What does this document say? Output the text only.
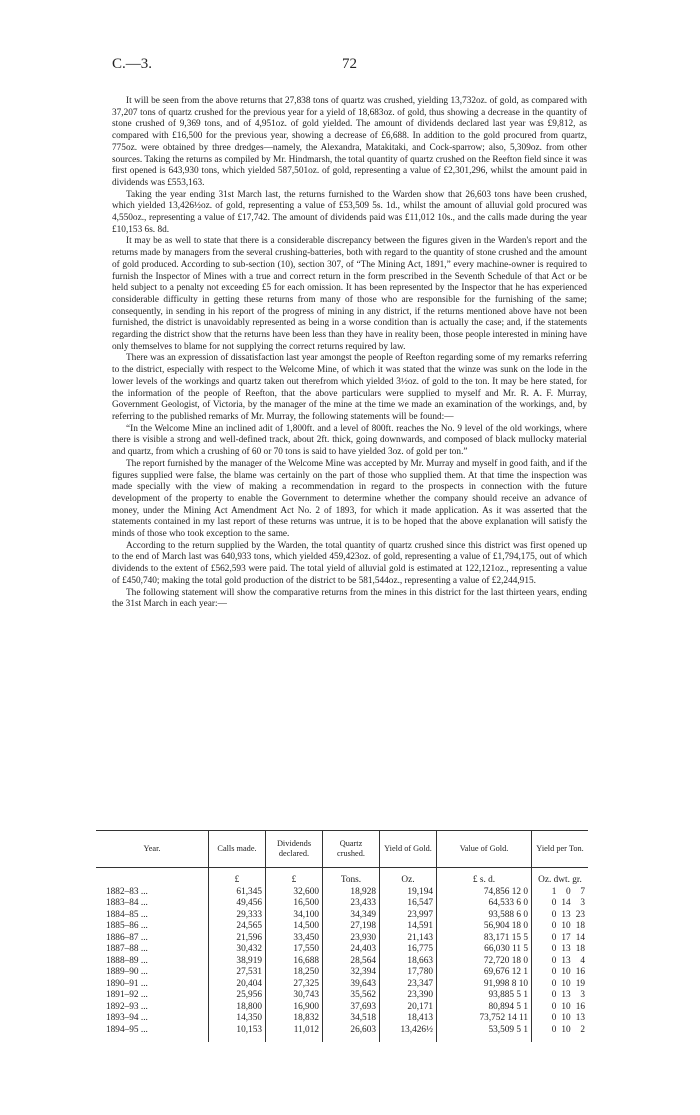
C.—3.	72

It will be seen from the above returns that 27,838 tons of quartz was crushed, yielding 13,732oz. of gold, as compared with 37,207 tons of quartz crushed for the previous year for a yield of 18,683oz. of gold, thus showing a decrease in the quantity of stone crushed of 9,369 tons, and of 4,951oz. of gold yielded. The amount of dividends declared last year was £9,812, as compared with £16,500 for the previous year, showing a decrease of £6,688. In addition to the gold procured from quartz, 775oz. were obtained by three dredges—namely, the Alexandra, Matakitaki, and Cock-sparrow; also, 5,309oz. from other sources. Taking the returns as compiled by Mr. Hindmarsh, the total quantity of quartz crushed on the Reefton field since it was first opened is 643,930 tons, which yielded 587,501oz. of gold, representing a value of £2,301,296, whilst the amount paid in dividends was £553,163.

Taking the year ending 31st March last, the returns furnished to the Warden show that 26,603 tons have been crushed, which yielded 13,426½oz. of gold, representing a value of £53,509 5s. 1d., whilst the amount of alluvial gold procured was 4,550oz., representing a value of £17,742. The amount of dividends paid was £11,012 10s., and the calls made during the year £10,153 6s. 8d.

It may be as well to state that there is a considerable discrepancy between the figures given in the Warden's report and the returns made by managers from the several crushing-batteries, both with regard to the quantity of stone crushed and the amount of gold produced. According to sub-section (10), section 307, of “The Mining Act, 1891,” every machine-owner is required to furnish the Inspector of Mines with a true and correct return in the form prescribed in the Seventh Schedule of that Act or be held subject to a penalty not exceeding £5 for each omission. It has been represented by the Inspector that he has experienced considerable difficulty in getting these returns from many of those who are responsible for the furnishing of the same; consequently, in sending in his report of the progress of mining in any district, if the returns mentioned above have not been furnished, the district is unavoidably represented as being in a worse condition than is actually the case; and, if the statements regarding the district show that the returns have been less than they have in reality been, those people interested in mining have only themselves to blame for not supplying the correct returns required by law.

There was an expression of dissatisfaction last year amongst the people of Reefton regarding some of my remarks referring to the district, especially with respect to the Welcome Mine, of which it was stated that the winze was sunk on the lode in the lower levels of the workings and quartz taken out therefrom which yielded 3½oz. of gold to the ton. It may be here stated, for the information of the people of Reefton, that the above particulars were supplied to myself and Mr. R. A. F. Murray, Government Geologist, of Victoria, by the manager of the mine at the time we made an examination of the workings, and, by referring to the published remarks of Mr. Murray, the following statements will be found:—

“In the Welcome Mine an inclined adit of 1,800ft. and a level of 800ft. reaches the No. 9 level of the old workings, where there is visible a strong and well-defined track, about 2ft. thick, going downwards, and composed of black mullocky material and quartz, from which a crushing of 60 or 70 tons is said to have yielded 3oz. of gold per ton.”

The report furnished by the manager of the Welcome Mine was accepted by Mr. Murray and myself in good faith, and if the figures supplied were false, the blame was certainly on the part of those who supplied them. At that time the inspection was made specially with the view of making a recommendation in regard to the prospects in connection with the future development of the property to enable the Government to determine whether the company should receive an advance of money, under the Mining Act Amendment Act No. 2 of 1893, for which it made application. As it was asserted that the statements contained in my last report of these returns was untrue, it is to be hoped that the above explanation will satisfy the minds of those who took exception to the same.

According to the return supplied by the Warden, the total quantity of quartz crushed since this district was first opened up to the end of March last was 640,933 tons, which yielded 459,423oz. of gold, representing a value of £1,794,175, out of which dividends to the extent of £562,593 were paid. The total yield of alluvial gold is estimated at 122,121oz., representing a value of £450,740; making the total gold production of the district to be 581,544oz., representing a value of £2,244,915.

The following statement will show the comparative returns from the mines in this district for the last thirteen years, ending the 31st March in each year:—

Year.	Calls made.	Dividends declared.	Quartz crushed.	Yield of Gold.	Value of Gold.	Yield per Ton.
	£	£	Tons.	Oz.	£ s. d.	Oz. dwt. gr.
1882–83 ...	61,345	32,600	18,928	19,194	74,856 12 0	1 0 7
1883–84 ...	49,456	16,500	23,433	16,547	64,533 6 0	0 14 3
1884–85 ...	29,333	34,100	34,349	23,997	93,588 6 0	0 13 23
1885–86 ...	24,565	14,500	27,198	14,591	56,904 18 0	0 10 18
1886–87 ...	21,596	33,450	23,930	21,143	83,171 15 5	0 17 14
1887–88 ...	30,432	17,550	24,403	16,775	66,030 11 5	0 13 18
1888–89 ...	38,919	16,688	28,564	18,663	72,720 18 0	0 13 4
1889–90 ...	27,531	18,250	32,394	17,780	69,676 12 1	0 10 16
1890–91 ...	20,404	27,325	39,643	23,347	91,998 8 10	0 10 19
1891–92 ...	25,956	30,743	35,562	23,390	93,885 5 1	0 13 3
1892–93 ...	18,800	16,900	37,693	20,171	80,894 5 1	0 10 16
1893–94 ...	14,350	18,832	34,518	18,413	73,752 14 11	0 10 13
1894–95 ...	10,153	11,012	26,603	13,426½	53,509 5 1	0 10 2
